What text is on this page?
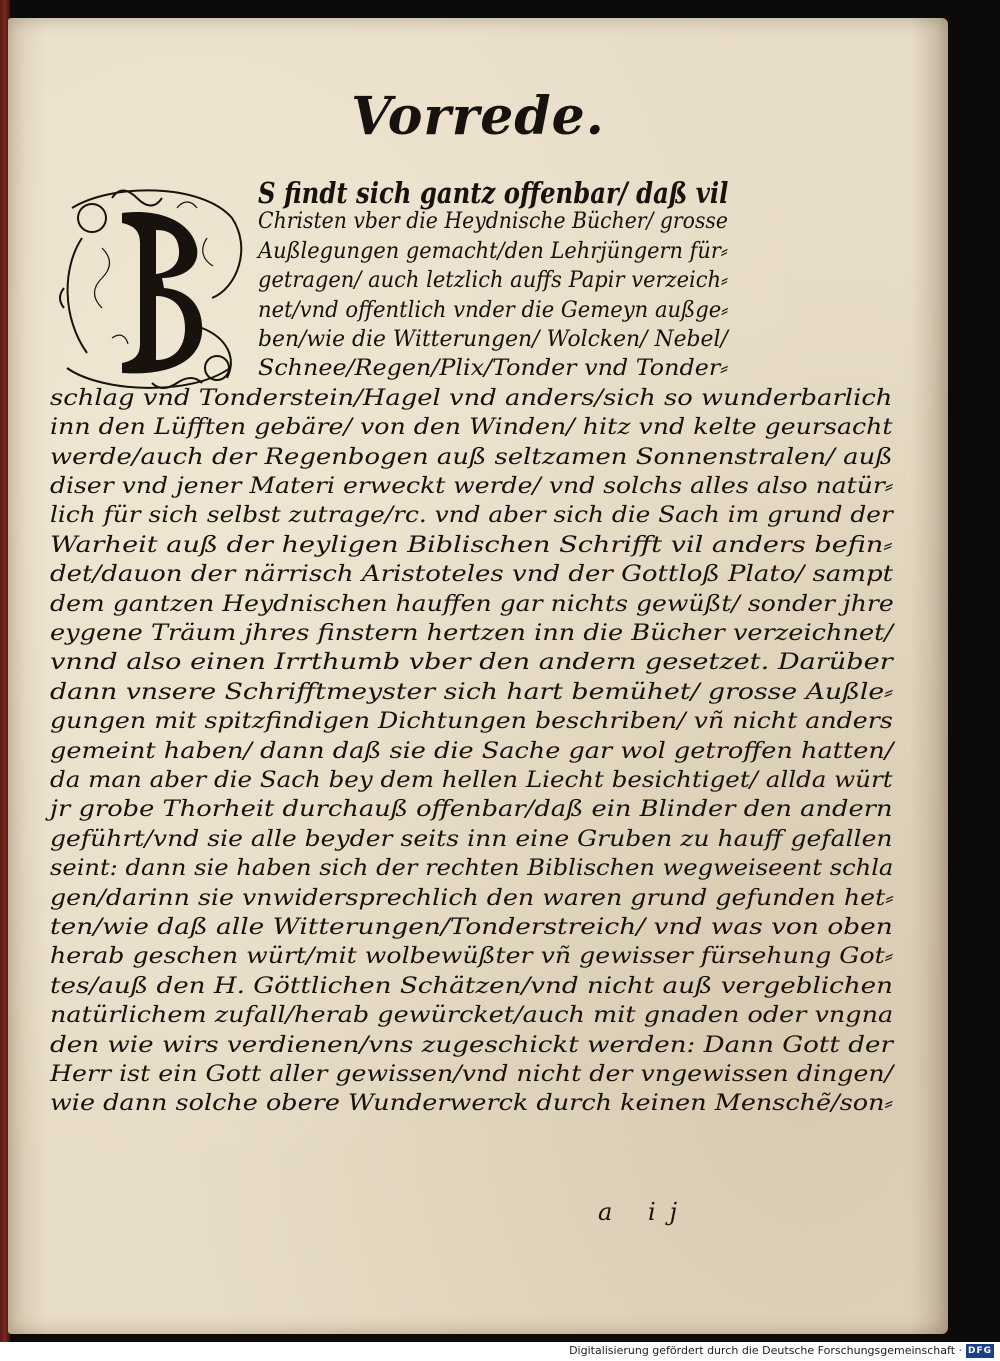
Vorrede.
S findt sich gantz offenbar/ daß vil
Christen vber die Heydnische Bücher/ grosse
Außlegungen gemacht/den Lehrjüngern für⸗
getragen/ auch letzlich auffs Papir verzeich⸗
net/vnd offentlich vnder die Gemeyn außge⸗
ben/wie die Witterungen/ Wolcken/ Nebel/
Schnee/Regen/Plix/Tonder vnd Tonder⸗
schlag vnd Tonderstein/Hagel vnd anders/sich so wunderbarlich
inn den Lüfften gebäre/ von den Winden/ hitz vnd kelte geursacht
werde/auch der Regenbogen auß seltzamen Sonnenstralen/ auß
diser vnd jener Materi erweckt werde/ vnd solchs alles also natür⸗
lich für sich selbst zutrage/rc. vnd aber sich die Sach im grund der
Warheit auß der heyligen Biblischen Schrifft vil anders befin⸗
det/dauon der närrisch Aristoteles vnd der Gottloß Plato/ sampt
dem gantzen Heydnischen hauffen gar nichts gewüßt/ sonder jhre
eygene Träum jhres finstern hertzen inn die Bücher verzeichnet/
vnnd also einen Irrthumb vber den andern gesetzet. Darüber
dann vnsere Schrifftmeyster sich hart bemühet/ grosse Außle⸗
gungen mit spitzfindigen Dichtungen beschriben/ vñ nicht anders
gemeint haben/ dann daß sie die Sache gar wol getroffen hatten/
da man aber die Sach bey dem hellen Liecht besichtiget/ allda würt
jr grobe Thorheit durchauß offenbar/daß ein Blinder den andern
geführt/vnd sie alle beyder seits inn eine Gruben zu hauff gefallen
seint: dann sie haben sich der rechten Biblischen wegweiseent schla
gen/darinn sie vnwidersprechlich den waren grund gefunden het⸗
ten/wie daß alle Witterungen/Tonderstreich/ vnd was von oben
herab geschen würt/mit wolbewüßter vñ gewisser fürsehung Got⸗
tes/auß den H. Göttlichen Schätzen/vnd nicht auß vergeblichen
natürlichem zufall/herab gewürcket/auch mit gnaden oder vngna
den wie wirs verdienen/vns zugeschickt werden: Dann Gott der
Herr ist ein Gott aller gewissen/vnd nicht der vngewissen dingen/
wie dann solche obere Wunderwerck durch keinen Menschẽ/son⸗
a ij
Digitalisierung gefördert durch die Deutsche Forschungsgemeinschaft · DFG
